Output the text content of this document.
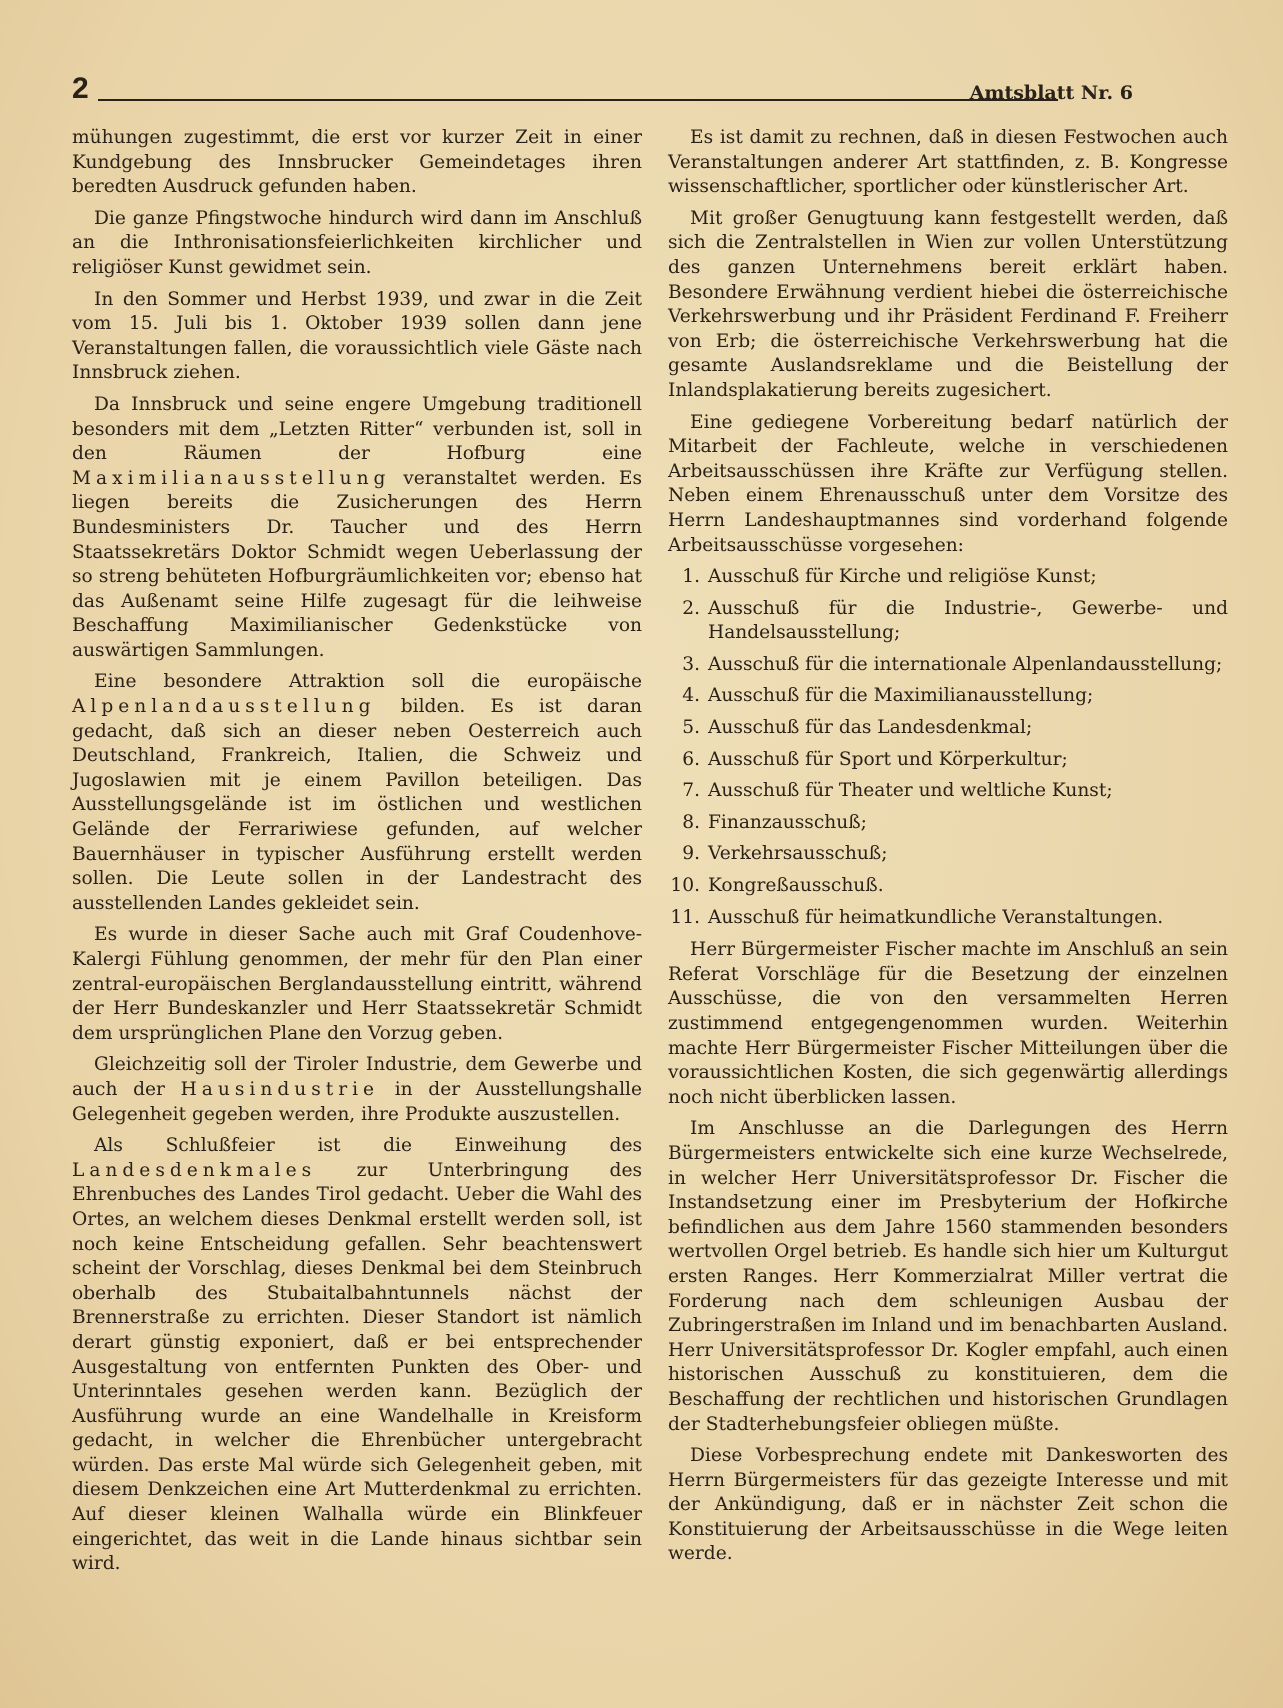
2	Amtsblatt Nr. 6

mühungen zugestimmt, die erst vor kurzer Zeit in einer Kundgebung des Innsbrucker Gemeindetages ihren beredten Ausdruck gefunden haben.

Die ganze Pfingstwoche hindurch wird dann im Anschluß an die Inthronisationsfeierlichkeiten kirchlicher und religiöser Kunst gewidmet sein.

In den Sommer und Herbst 1939, und zwar in die Zeit vom 15. Juli bis 1. Oktober 1939 sollen dann jene Veranstaltungen fallen, die voraussichtlich viele Gäste nach Innsbruck ziehen.

Da Innsbruck und seine engere Umgebung traditionell besonders mit dem „Letzten Ritter“ verbunden ist, soll in den Räumen der Hofburg eine Maximilianausstellung veranstaltet werden. Es liegen bereits die Zusicherungen des Herrn Bundesministers Dr. Taucher und des Herrn Staatssekretärs Doktor Schmidt wegen Ueberlassung der so streng behüteten Hofburgräumlichkeiten vor; ebenso hat das Außenamt seine Hilfe zugesagt für die leihweise Beschaffung Maximilianischer Gedenkstücke von auswärtigen Sammlungen.

Eine besondere Attraktion soll die europäische Alpenlandausstellung bilden. Es ist daran gedacht, daß sich an dieser neben Oesterreich auch Deutschland, Frankreich, Italien, die Schweiz und Jugoslawien mit je einem Pavillon beteiligen. Das Ausstellungsgelände ist im östlichen und westlichen Gelände der Ferrariwiese gefunden, auf welcher Bauernhäuser in typischer Ausführung erstellt werden sollen. Die Leute sollen in der Landestracht des ausstellenden Landes gekleidet sein.

Es wurde in dieser Sache auch mit Graf Coudenhove-Kalergi Fühlung genommen, der mehr für den Plan einer zentral-europäischen Berglandausstellung eintritt, während der Herr Bundeskanzler und Herr Staatssekretär Schmidt dem ursprünglichen Plane den Vorzug geben.

Gleichzeitig soll der Tiroler Industrie, dem Gewerbe und auch der Hausindustrie in der Ausstellungshalle Gelegenheit gegeben werden, ihre Produkte auszustellen.

Als Schlußfeier ist die Einweihung des Landesdenkmales zur Unterbringung des Ehrenbuches des Landes Tirol gedacht. Ueber die Wahl des Ortes, an welchem dieses Denkmal erstellt werden soll, ist noch keine Entscheidung gefallen. Sehr beachtenswert scheint der Vorschlag, dieses Denkmal bei dem Steinbruch oberhalb des Stubaitalbahntunnels nächst der Brennerstraße zu errichten. Dieser Standort ist nämlich derart günstig exponiert, daß er bei entsprechender Ausgestaltung von entfernten Punkten des Ober- und Unterinntales gesehen werden kann. Bezüglich der Ausführung wurde an eine Wandelhalle in Kreisform gedacht, in welcher die Ehrenbücher untergebracht würden. Das erste Mal würde sich Gelegenheit geben, mit diesem Denkzeichen eine Art Mutterdenkmal zu errichten. Auf dieser kleinen Walhalla würde ein Blinkfeuer eingerichtet, das weit in die Lande hinaus sichtbar sein wird.

Es ist damit zu rechnen, daß in diesen Festwochen auch Veranstaltungen anderer Art stattfinden, z. B. Kongresse wissenschaftlicher, sportlicher oder künstlerischer Art.

Mit großer Genugtuung kann festgestellt werden, daß sich die Zentralstellen in Wien zur vollen Unterstützung des ganzen Unternehmens bereit erklärt haben. Besondere Erwähnung verdient hiebei die österreichische Verkehrswerbung und ihr Präsident Ferdinand F. Freiherr von Erb; die österreichische Verkehrswerbung hat die gesamte Auslandsreklame und die Beistellung der Inlandsplakatierung bereits zugesichert.

Eine gediegene Vorbereitung bedarf natürlich der Mitarbeit der Fachleute, welche in verschiedenen Arbeitsausschüssen ihre Kräfte zur Verfügung stellen. Neben einem Ehrenausschuß unter dem Vorsitze des Herrn Landeshauptmannes sind vorderhand folgende Arbeitsausschüsse vorgesehen:

1. Ausschuß für Kirche und religiöse Kunst;
2. Ausschuß für die Industrie-, Gewerbe- und Handelsausstellung;
3. Ausschuß für die internationale Alpenlandausstellung;
4. Ausschuß für die Maximilianausstellung;
5. Ausschuß für das Landesdenkmal;
6. Ausschuß für Sport und Körperkultur;
7. Ausschuß für Theater und weltliche Kunst;
8. Finanzausschuß;
9. Verkehrsausschuß;
10. Kongreßausschuß.
11. Ausschuß für heimatkundliche Veranstaltungen.

Herr Bürgermeister Fischer machte im Anschluß an sein Referat Vorschläge für die Besetzung der einzelnen Ausschüsse, die von den versammelten Herren zustimmend entgegengenommen wurden. Weiterhin machte Herr Bürgermeister Fischer Mitteilungen über die voraussichtlichen Kosten, die sich gegenwärtig allerdings noch nicht überblicken lassen.

Im Anschlusse an die Darlegungen des Herrn Bürgermeisters entwickelte sich eine kurze Wechselrede, in welcher Herr Universitätsprofessor Dr. Fischer die Instandsetzung einer im Presbyterium der Hofkirche befindlichen aus dem Jahre 1560 stammenden besonders wertvollen Orgel betrieb. Es handle sich hier um Kulturgut ersten Ranges. Herr Kommerzialrat Miller vertrat die Forderung nach dem schleunigen Ausbau der Zubringerstraßen im Inland und im benachbarten Ausland. Herr Universitätsprofessor Dr. Kogler empfahl, auch einen historischen Ausschuß zu konstituieren, dem die Beschaffung der rechtlichen und historischen Grundlagen der Stadterhebungsfeier obliegen müßte.

Diese Vorbesprechung endete mit Dankesworten des Herrn Bürgermeisters für das gezeigte Interesse und mit der Ankündigung, daß er in nächster Zeit schon die Konstituierung der Arbeitsausschüsse in die Wege leiten werde.
